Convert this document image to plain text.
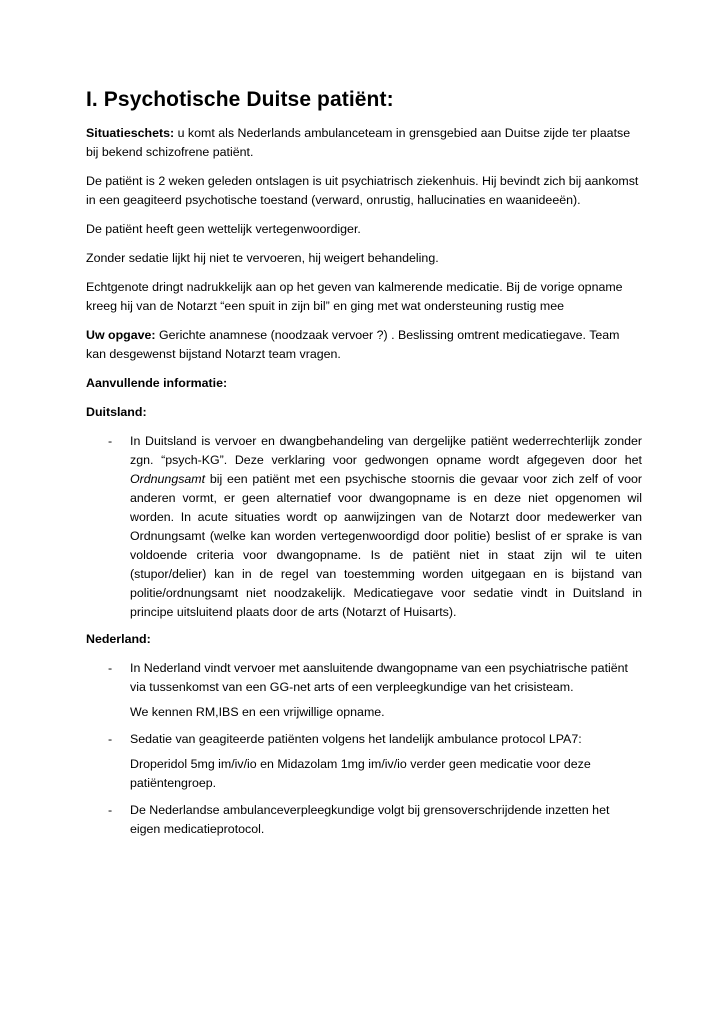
I. Psychotische Duitse patiënt:

Situatieschets: u komt als Nederlands ambulanceteam in grensgebied aan Duitse zijde ter plaatse bij bekend schizofrene patiënt.

De patiënt is 2 weken geleden ontslagen is uit psychiatrisch ziekenhuis. Hij bevindt zich bij aankomst in een geagiteerd psychotische toestand (verward, onrustig, hallucinaties en waanideeën).

De patiënt heeft geen wettelijk vertegenwoordiger.

Zonder sedatie lijkt hij niet te vervoeren, hij weigert behandeling.

Echtgenote dringt nadrukkelijk aan op het geven van kalmerende medicatie. Bij de vorige opname kreeg hij van de Notarzt “een spuit in zijn bil” en ging met wat ondersteuning rustig mee

Uw opgave: Gerichte anamnese (noodzaak vervoer ?) . Beslissing omtrent medicatiegave. Team kan desgewenst bijstand Notarzt team vragen.

Aanvullende informatie:

Duitsland:

- In Duitsland is vervoer en dwangbehandeling van dergelijke patiënt wederrechterlijk zonder zgn. “psych-KG”. Deze verklaring voor gedwongen opname wordt afgegeven door het Ordnungsamt bij een patiënt met een psychische stoornis die gevaar voor zich zelf of voor anderen vormt, er geen alternatief voor dwangopname is en deze niet opgenomen wil worden. In acute situaties wordt op aanwijzingen van de Notarzt door medewerker van Ordnungsamt (welke kan worden vertegenwoordigd door politie) beslist of er sprake is van voldoende criteria voor dwangopname. Is de patiënt niet in staat zijn wil te uiten (stupor/delier) kan in de regel van toestemming worden uitgegaan en is bijstand van politie/ordnungsamt niet noodzakelijk. Medicatiegave voor sedatie vindt in Duitsland in principe uitsluitend plaats door de arts (Notarzt of Huisarts).

Nederland:

- In Nederland vindt vervoer met aansluitende dwangopname van een psychiatrische patiënt via tussenkomst van een GG-net arts of een verpleegkundige van het crisisteam.

We kennen RM,IBS en een vrijwillige opname.

- Sedatie van geagiteerde patiënten volgens het landelijk ambulance protocol LPA7:

Droperidol 5mg im/iv/io en Midazolam 1mg im/iv/io verder geen medicatie voor deze patiëntengroep.

- De Nederlandse ambulanceverpleegkundige volgt bij grensoverschrijdende inzetten het eigen medicatieprotocol.
